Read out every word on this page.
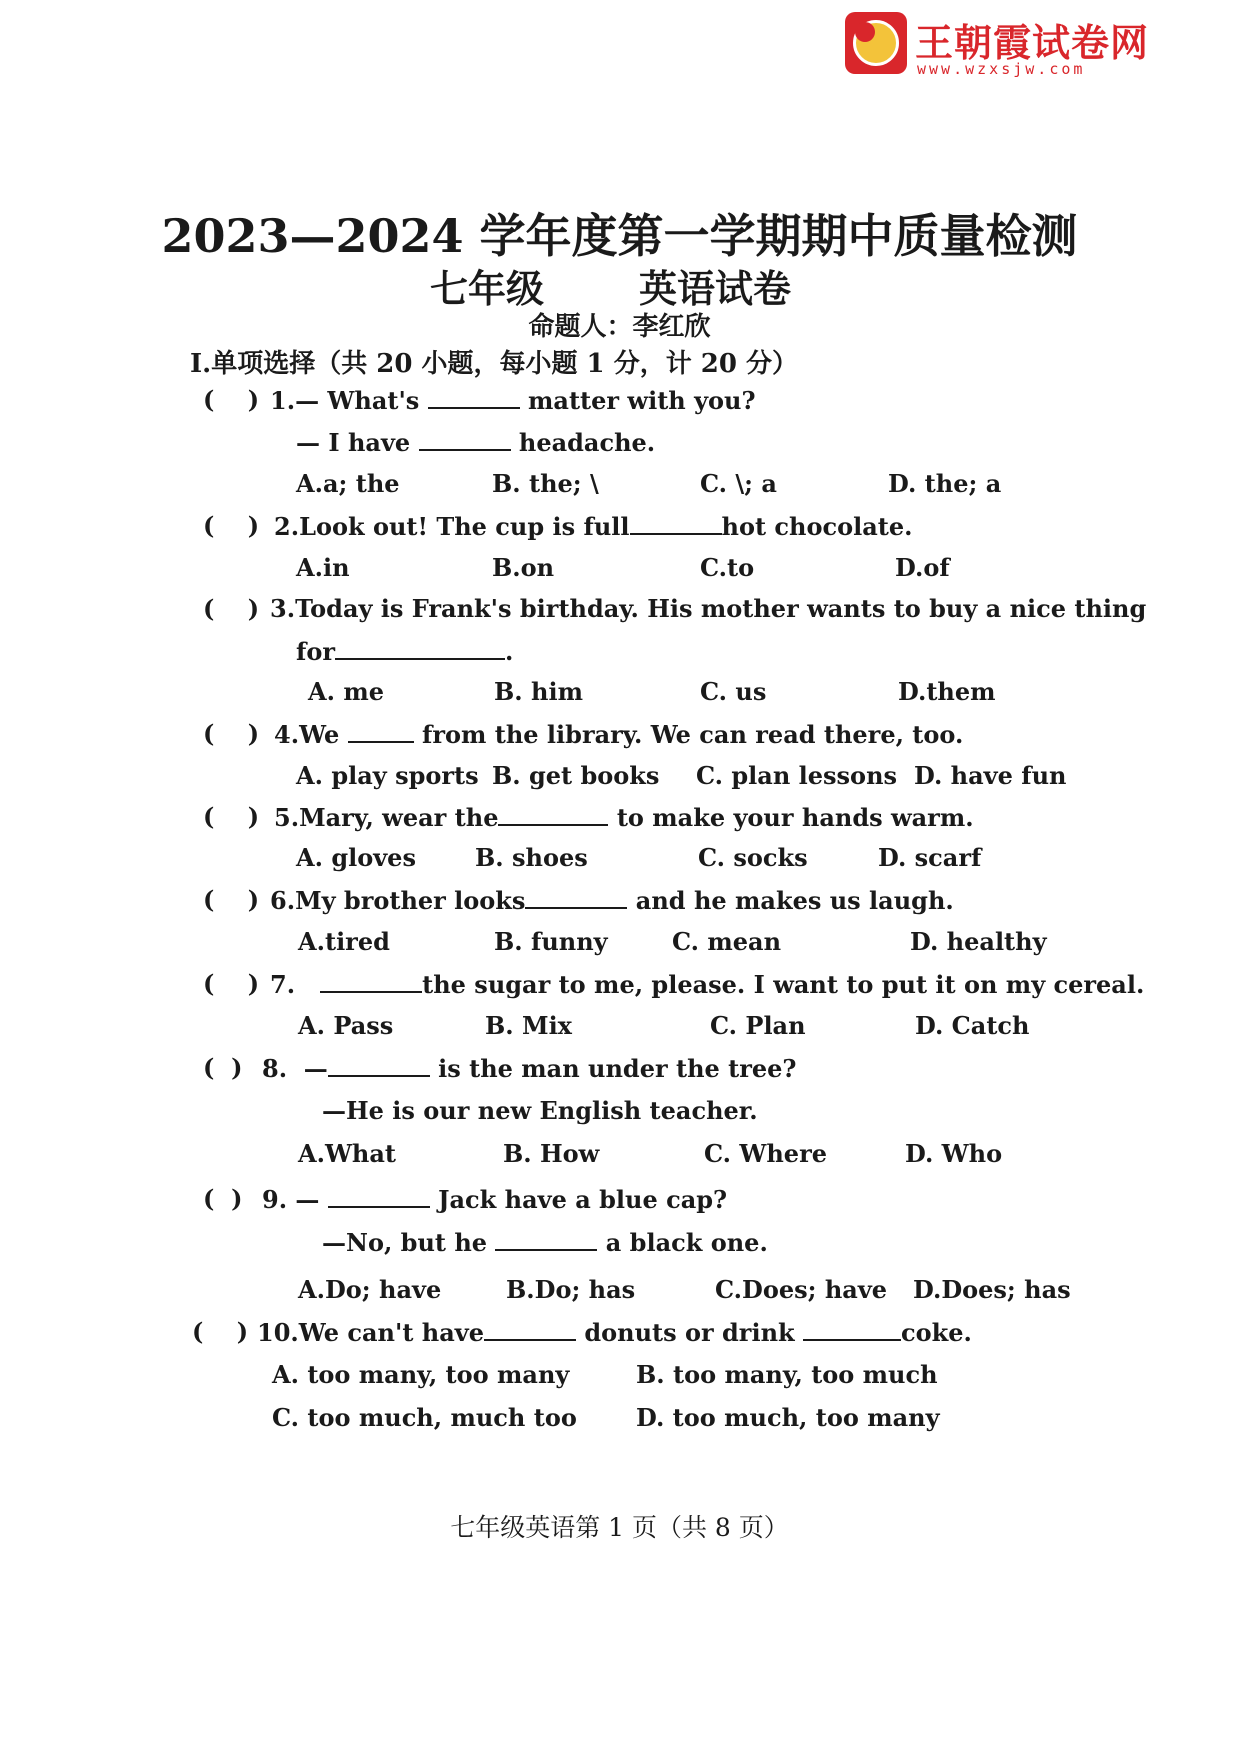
王朝霞试卷网
www.wzxsjw.com
2023—2024 学年度第一学期期中质量检测
七年级	英语试卷
命题人：李红欣
I.单项选择（共 20 小题，每小题 1 分，计 20 分）
(    ) 1.— What's	matter with you?
— I have	headache.
A.a; the	B. the; \	C. \; a	D. the; a
(    ) 2.Look out! The cup is full	hot chocolate.
A.in	B.on	C.to	D.of
(    ) 3.Today is Frank's birthday. His mother wants to buy a nice thing
for	.
A. me	B. him	C. us	D.them
(    ) 4.We	from the library. We can read there, too.
A. play sports B. get books C. plan lessons D. have fun
(    ) 5.Mary, wear the	to make your hands warm.
A. gloves B. shoes	C. socks	D. scarf
(    ) 6.My brother looks	and he makes us laugh.
A.tired	B. funny	C. mean	D. healthy
(    ) 7.	the sugar to me, please. I want to put it on my cereal.
A. Pass	B. Mix	C. Plan	D. Catch
(  ) 8. —	is the man under the tree?
—He is our new English teacher.
A.What	B. How	C. Where	D. Who
(  ) 9. —	Jack have a blue cap?
—No, but he	a black one.
A.Do; have	B.Do; has	C.Does; have D.Does; has
(    ) 10.We can't have	donuts or drink	coke.
A. too many, too many	B. too many, too much
C. too much, much too D. too much, too many
七年级英语第 1 页（共 8 页）
